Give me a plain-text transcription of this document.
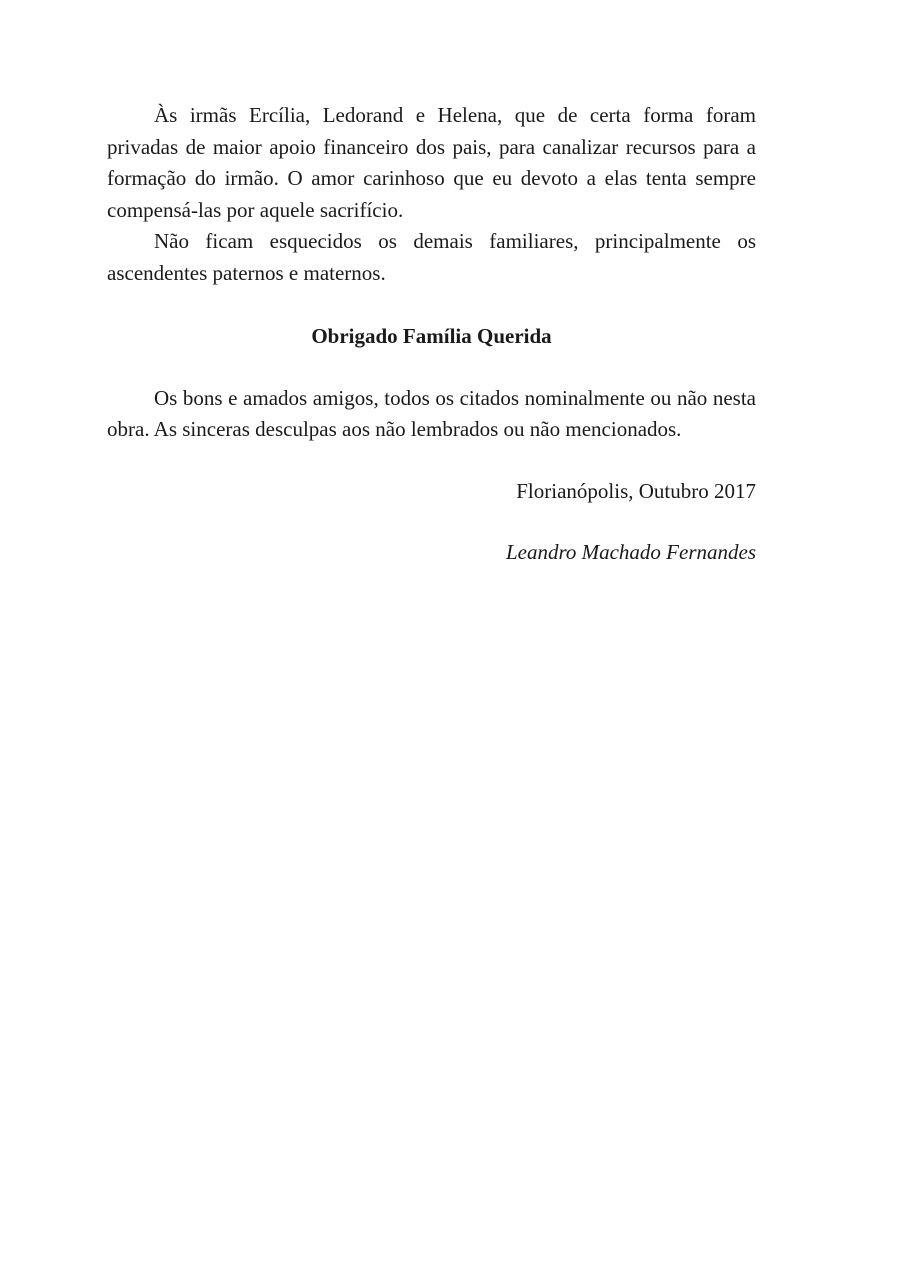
Às irmãs Ercília, Ledorand e Helena, que de certa forma foram privadas de maior apoio financeiro dos pais, para canalizar recursos para a formação do irmão. O amor carinhoso que eu devoto a elas tenta sempre compensá-las por aquele sacrifício.

Não ficam esquecidos os demais familiares, principalmente os ascendentes paternos e maternos.

Obrigado Família Querida

Os bons e amados amigos, todos os citados nominalmente ou não nesta obra. As sinceras desculpas aos não lembrados ou não mencionados.

Florianópolis, Outubro 2017

Leandro Machado Fernandes
